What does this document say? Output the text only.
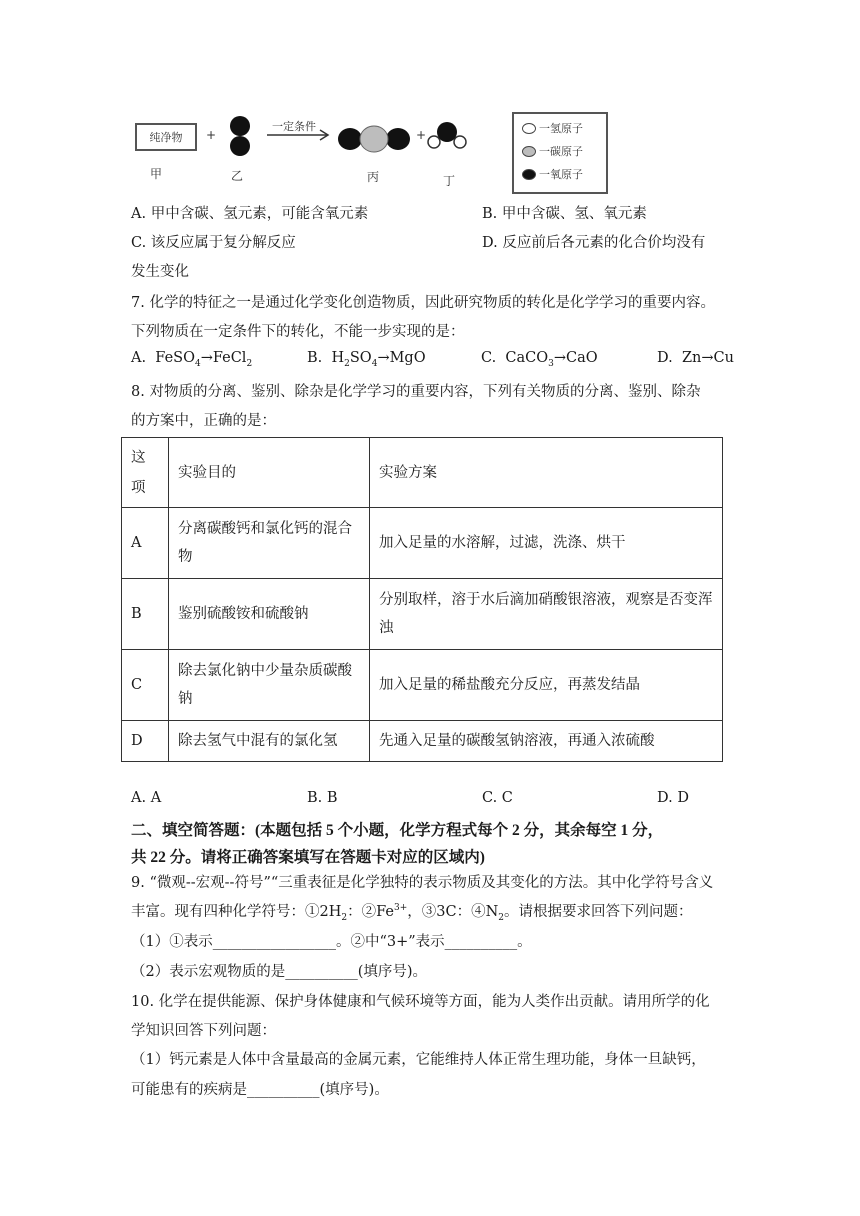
纯净物
甲
+
乙
一定条件
丙
+
丁
一氢原子
一碳原子
一氧原子
A. 甲中含碳、氢元素，可能含氧元素	B. 甲中含碳、氢、氧元素
C. 该反应属于复分解反应	D. 反应前后各元素的化合价均没有
发生变化
7. 化学的特征之一是通过化学变化创造物质，因此研究物质的转化是化学学习的重要内容。
下列物质在一定条件下的转化，不能一步实现的是：
A.  FeSO$_4$→FeCl$_2$	B.  $H_2SO_4\to MgO$	C.  CaCO$_3$→CaO	D. Zn→Cu
8. 对物质的分离、鉴别、除杂是化学学习的重要内容，下列有关物质的分离、鉴别、除杂
的方案中，正确的是：
这
项	实验目的	实验方案
A	分离碳酸钙和氯化钙的混合物	加入足量的水溶解，过滤，洗涤、烘干
B	鉴别硫酸铵和硫酸钠	分别取样，溶于水后滴加硝酸银溶液，观察是否变浑浊
C	除去氯化钠中少量杂质碳酸钠	加入足量的稀盐酸充分反应，再蒸发结晶
D	除去氢气中混有的氯化氢	先通入足量的碳酸氢钠溶液，再通入浓硫酸
A. A	B. B	C. C	D. D
二、填空简答题：(本题包括 5 个小题，化学方程式每个 2 分，其余每空 1 分，
共 22 分。请将正确答案填写在答题卡对应的区域内)
9. “微观--宏观--符号”“三重表征是化学独特的表示物质及其变化的方法。其中化学符号含义
丰富。现有四种化学符号：$①2H_2$：$②Fe^{3+}$，③3C：$④N_2$。请根据要求回答下列问题：
（1）①表示_________________。②中“3+”表示__________。
（2）表示宏观物质的是__________(填序号)。
10. 化学在提供能源、保护身体健康和气候环境等方面，能为人类作出贡献。请用所学的化
学知识回答下列问题：
（1）钙元素是人体中含量最高的金属元素，它能维持人体正常生理功能，身体一旦缺钙，
可能患有的疾病是__________(填序号)。
